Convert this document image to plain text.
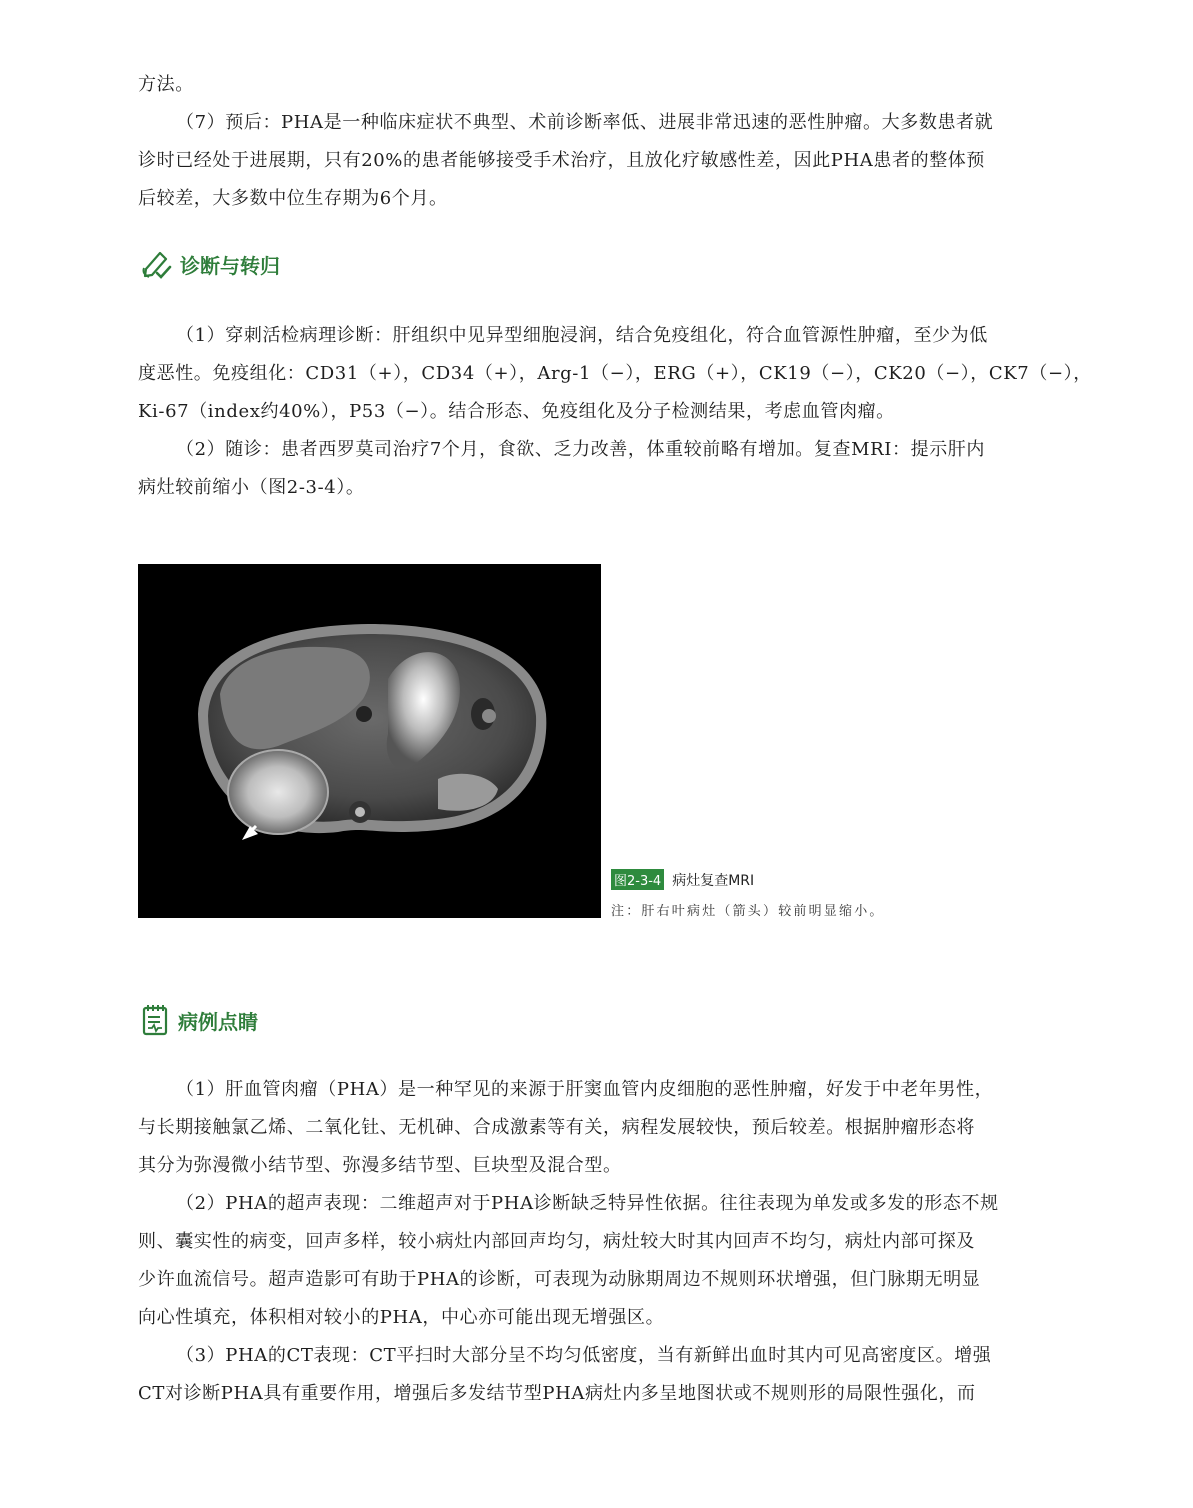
方法。
（7）预后：PHA是一种临床症状不典型、术前诊断率低、进展非常迅速的恶性肿瘤。大多数患者就
诊时已经处于进展期，只有20%的患者能够接受手术治疗，且放化疗敏感性差，因此PHA患者的整体预
后较差，大多数中位生存期为6个月。
诊断与转归
（1）穿刺活检病理诊断：肝组织中见异型细胞浸润，结合免疫组化，符合血管源性肿瘤，至少为低
度恶性。免疫组化：CD31（+），CD34（+），Arg-1（−），ERG（+），CK19（−），CK20（−），CK7（−），
Ki-67（index约40%），P53（−）。结合形态、免疫组化及分子检测结果，考虑血管肉瘤。
（2）随诊：患者西罗莫司治疗7个月，食欲、乏力改善，体重较前略有增加。复查MRI：提示肝内
病灶较前缩小（图2-3-4）。
图2-3-4 病灶复查MRI
注：肝右叶病灶（箭头）较前明显缩小。
病例点睛
（1）肝血管肉瘤（PHA）是一种罕见的来源于肝窦血管内皮细胞的恶性肿瘤，好发于中老年男性，
与长期接触氯乙烯、二氧化钍、无机砷、合成激素等有关，病程发展较快，预后较差。根据肿瘤形态将
其分为弥漫微小结节型、弥漫多结节型、巨块型及混合型。
（2）PHA的超声表现：二维超声对于PHA诊断缺乏特异性依据。往往表现为单发或多发的形态不规
则、囊实性的病变，回声多样，较小病灶内部回声均匀，病灶较大时其内回声不均匀，病灶内部可探及
少许血流信号。超声造影可有助于PHA的诊断，可表现为动脉期周边不规则环状增强，但门脉期无明显
向心性填充，体积相对较小的PHA，中心亦可能出现无增强区。
（3）PHA的CT表现：CT平扫时大部分呈不均匀低密度，当有新鲜出血时其内可见高密度区。增强
CT对诊断PHA具有重要作用，增强后多发结节型PHA病灶内多呈地图状或不规则形的局限性强化，而
